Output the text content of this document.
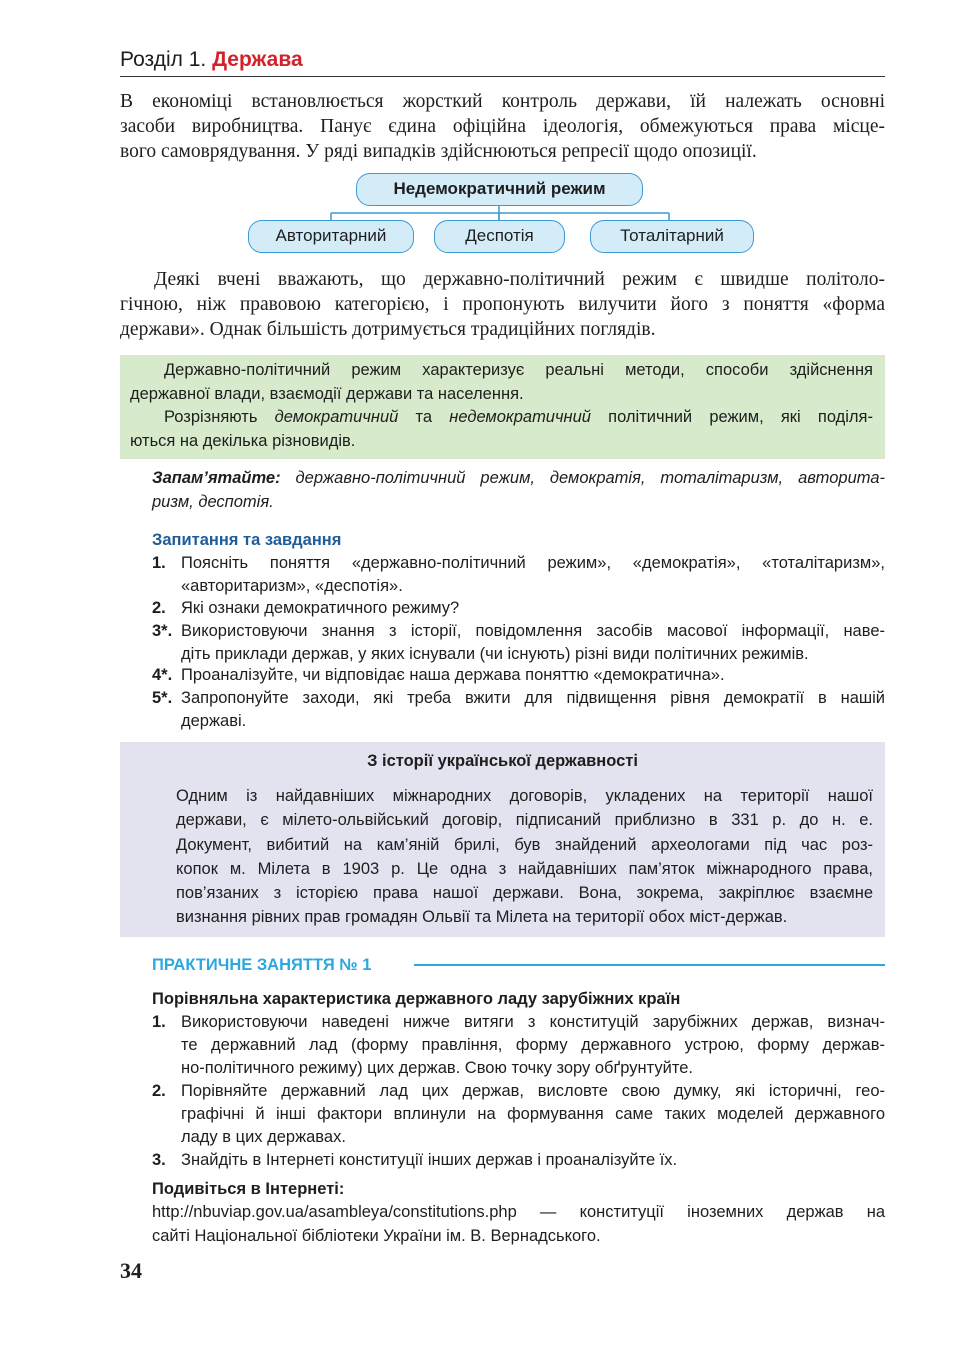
Розділ 1. Держава
В економіці встановлюється жорсткий контроль держави, їй належать основні
засоби виробництва. Панує єдина офіційна ідеологія, обмежуються права місце-
вого самоврядування. У ряді випадків здійснюються репресії щодо опозиції.
Недемократичний режим
Авторитарний	Деспотія	Тоталітарний
Деякі вчені вважають, що державно-політичний режим є швидше політоло-
гічною, ніж правовою категорією, і пропонують вилучити його з поняття «форма
держави». Однак більшість дотримується традиційних поглядів.
Державно-політичний режим характеризує реальні методи, способи здійснення
державної влади, взаємодії держави та населення.
Розрізняють демократичний та недемократичний політичний режим, які поділя-
ються на декілька різновидів.
Запам’ятайте: державно-політичний режим, демократія, тоталітаризм, авторита-
ризм, деспотія.
Запитання та завдання
1. Поясніть поняття «державно-політичний режим», «демократія», «тоталітаризм»,
«авторитаризм», «деспотія».
2. Які ознаки демократичного режиму?
3*. Використовуючи знання з історії, повідомлення засобів масової інформації, наве-
діть приклади держав, у яких існували (чи існують) різні види політичних режимів.
4*. Проаналізуйте, чи відповідає наша держава поняттю «демократична».
5*. Запропонуйте заходи, які треба вжити для підвищення рівня демократії в нашій
державі.
З історії української державності
Одним із найдавніших міжнародних договорів, укладених на території нашої
держави, є мілето-ольвійський договір, підписаний приблизно в 331 р. до н. е.
Документ, вибитий на кам’яній брилі, був знайдений археологами під час роз-
копок м. Мілета в 1903 р. Це одна з найдавніших пам’яток міжнародного права,
пов’язаних з історією права нашої держави. Вона, зокрема, закріплює взаємне
визнання рівних прав громадян Ольвії та Мілета на території обох міст-держав.
ПРАКТИЧНЕ ЗАНЯТТЯ № 1
Порівняльна характеристика державного ладу зарубіжних країн
1. Використовуючи наведені нижче витяги з конституцій зарубіжних держав, визнач-
те державний лад (форму правління, форму державного устрою, форму держав-
но-політичного режиму) цих держав. Свою точку зору обґрунтуйте.
2. Порівняйте державний лад цих держав, висловте свою думку, які історичні, гео-
графічні й інші фактори вплинули на формування саме таких моделей державного
ладу в цих державах.
3. Знайдіть в Інтернеті конституції інших держав і проаналізуйте їх.
Подивіться в Інтернеті:
http://nbuviap.gov.ua/asambleya/constitutions.php — конституції іноземних держав на
сайті Національної бібліотеки України ім. В. Вернадського.
34
